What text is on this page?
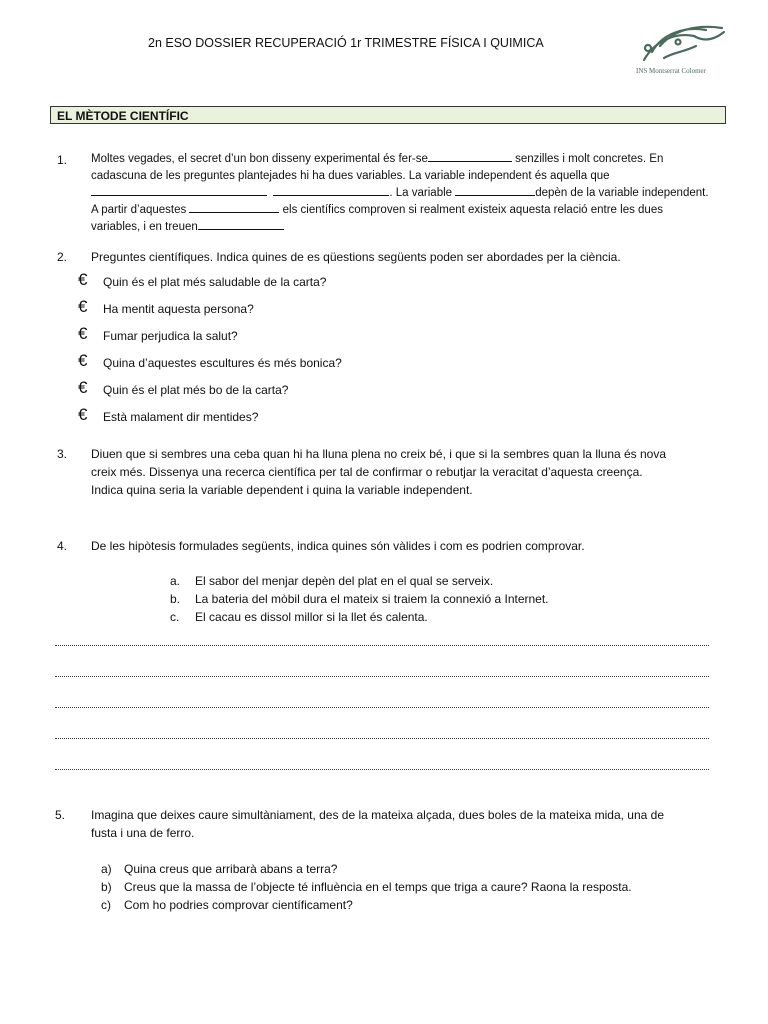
2n ESO DOSSIER RECUPERACIÓ 1r TRIMESTRE FÍSICA I QUIMICA
INS Montserrat Colomer
EL MÈTODE CIENTÍFIC
1. Moltes vegades, el secret d’un bon disseny experimental és fer-se	senzilles i molt concretes. En
cadascuna de les preguntes plantejades hi ha dues variables. La variable independent és aquella que
. La variable	depèn de la variable independent.
A partir d’aquestes	els científics comproven si realment existeix aquesta relació entre les dues
variables, i en treuen
2. Preguntes científiques. Indica quines de es qüestions següents poden ser abordades per la ciència.
€ Quin és el plat més saludable de la carta?
€ Ha mentit aquesta persona?
€ Fumar perjudica la salut?
€ Quina d’aquestes escultures és més bonica?
€ Quin és el plat més bo de la carta?
€ Està malament dir mentides?
3. Diuen que si sembres una ceba quan hi ha lluna plena no creix bé, i que si la sembres quan la lluna és nova
creix més. Dissenya una recerca científica per tal de confirmar o rebutjar la veracitat d’aquesta creença.
Indica quina seria la variable dependent i quina la variable independent.
4. De les hipòtesis formulades següents, indica quines són vàlides i com es podrien comprovar.
a. El sabor del menjar depèn del plat en el qual se serveix.
b. La bateria del mòbil dura el mateix si traiem la connexió a Internet.
c. El cacau es dissol millor si la llet és calenta.
5. Imagina que deixes caure simultàniament, des de la mateixa alçada, dues boles de la mateixa mida, una de
fusta i una de ferro.
a) Quina creus que arribarà abans a terra?
b) Creus que la massa de l’objecte té influència en el temps que triga a caure? Raona la resposta.
c) Com ho podries comprovar científicament?
